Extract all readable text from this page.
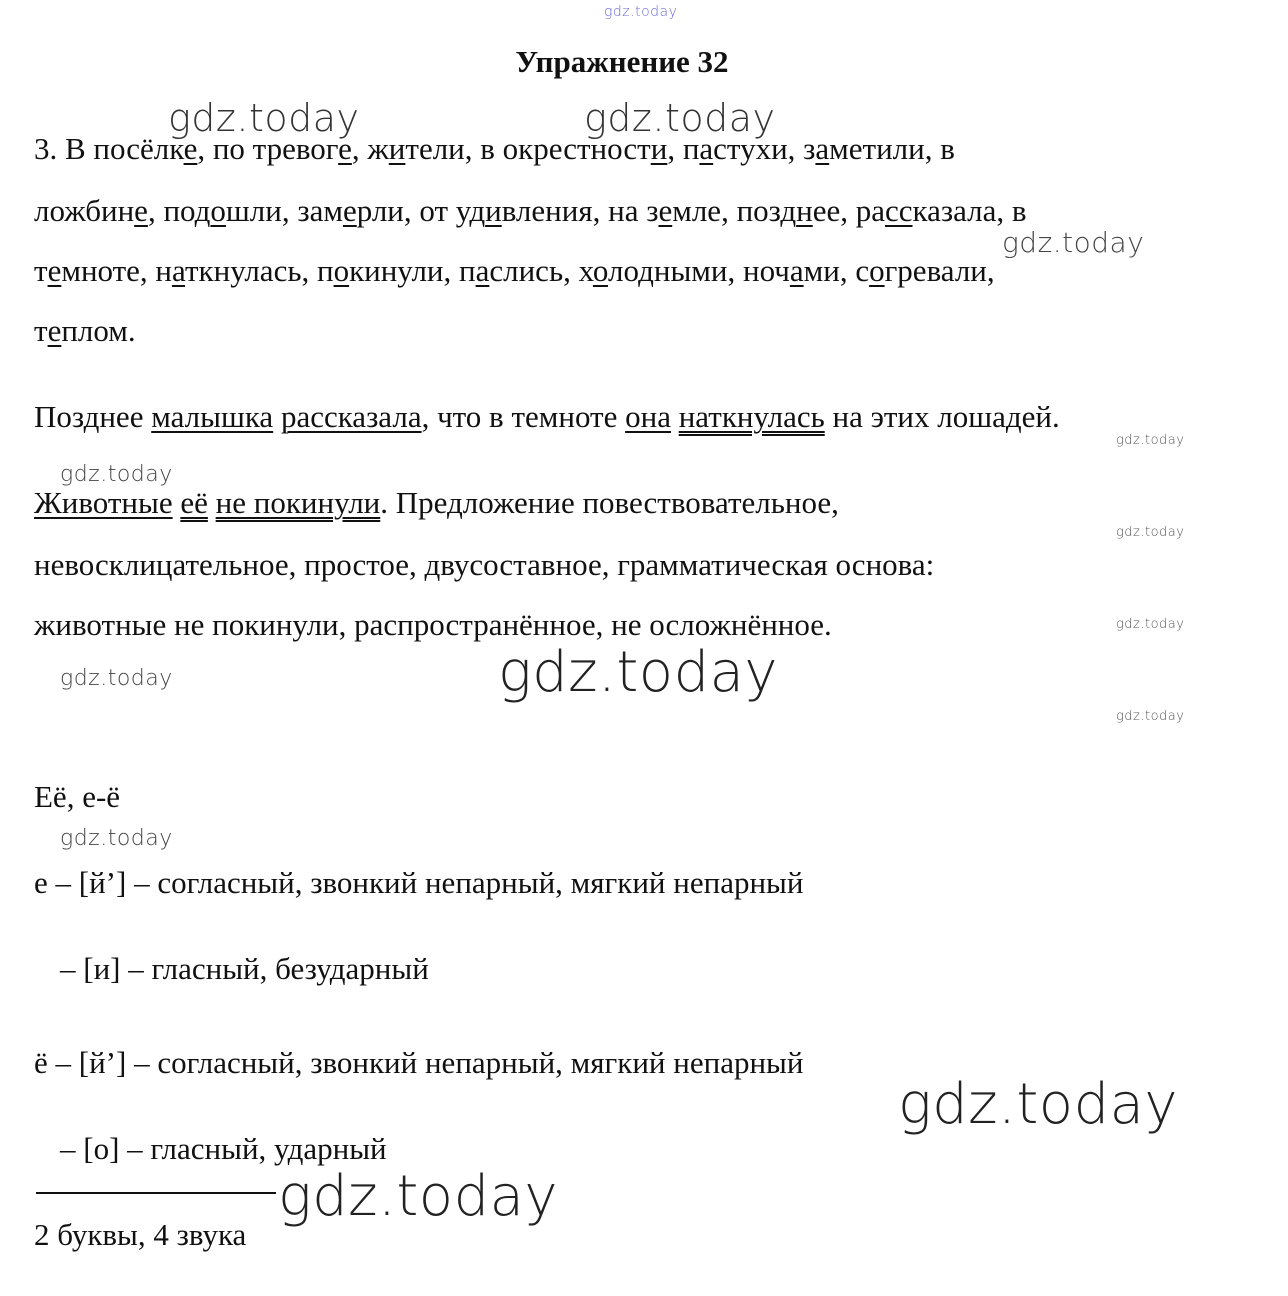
gdz.today
gdz.today	gdz.today
gdz.today
gdz.today
gdz.today
gdz.today
gdz.today
gdz.today	gdz.today
gdz.today
gdz.today
gdz.today
gdz.today
Упражнение 32
3. В посёлке, по тревоге, жители, в окрестности, пастухи, заметили, в
ложбине, подошли, замерли, от удивления, на земле, позднее, рассказала, в
темноте, наткнулась, покинули, паслись, холодными, ночами, согревали,
теплом.
Позднее малышка рассказала, что в темноте она наткнулась на этих лошадей.
Животные её не покинули. Предложение повествовательное,
невосклицательное, простое, двусоставное, грамматическая основа:
животные не покинули, распространённое, не осложнённое.
Её, е-ё
е – [й’] – согласный, звонкий непарный, мягкий непарный
– [и] – гласный, безударный
ё – [й’] – согласный, звонкий непарный, мягкий непарный
– [о] – гласный, ударный
2 буквы, 4 звука
